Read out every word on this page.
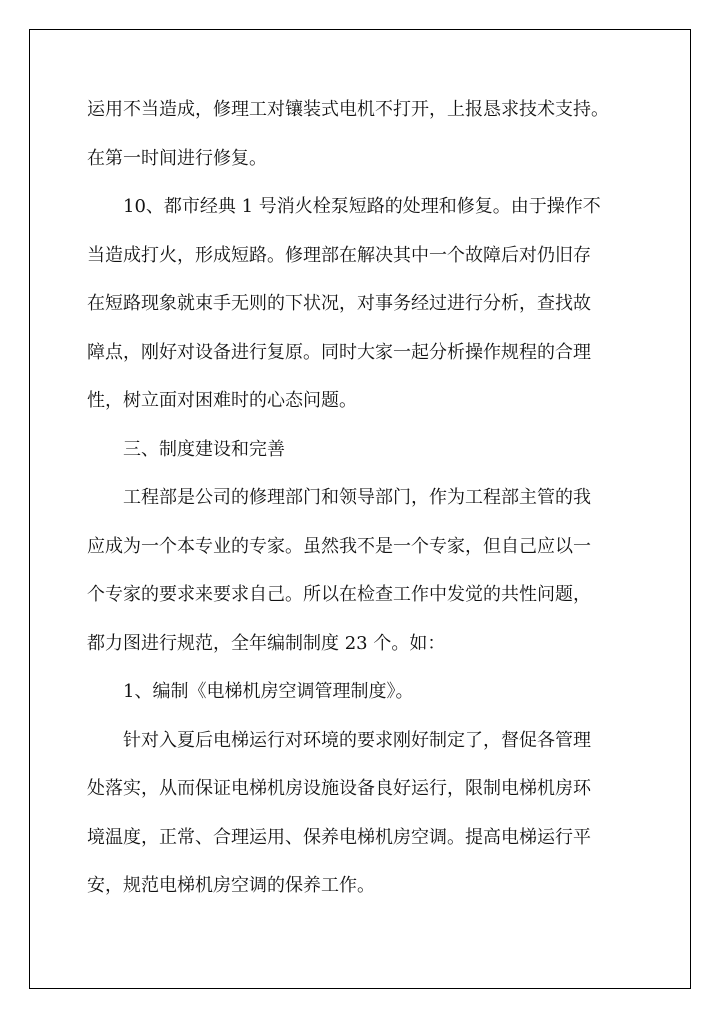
运用不当造成，修理工对镶装式电机不打开，上报恳求技术支持。
在第一时间进行修复。
10、都市经典 1 号消火栓泵短路的处理和修复。由于操作不
当造成打火，形成短路。修理部在解决其中一个故障后对仍旧存
在短路现象就束手无则的下状况，对事务经过进行分析，查找故
障点，刚好对设备进行复原。同时大家一起分析操作规程的合理
性，树立面对困难时的心态问题。
三、制度建设和完善
工程部是公司的修理部门和领导部门，作为工程部主管的我
应成为一个本专业的专家。虽然我不是一个专家，但自己应以一
个专家的要求来要求自己。所以在检查工作中发觉的共性问题，
都力图进行规范，全年编制制度 23 个。如：
1、编制《电梯机房空调管理制度》。
针对入夏后电梯运行对环境的要求刚好制定了，督促各管理
处落实，从而保证电梯机房设施设备良好运行，限制电梯机房环
境温度，正常、合理运用、保养电梯机房空调。提高电梯运行平
安，规范电梯机房空调的保养工作。
